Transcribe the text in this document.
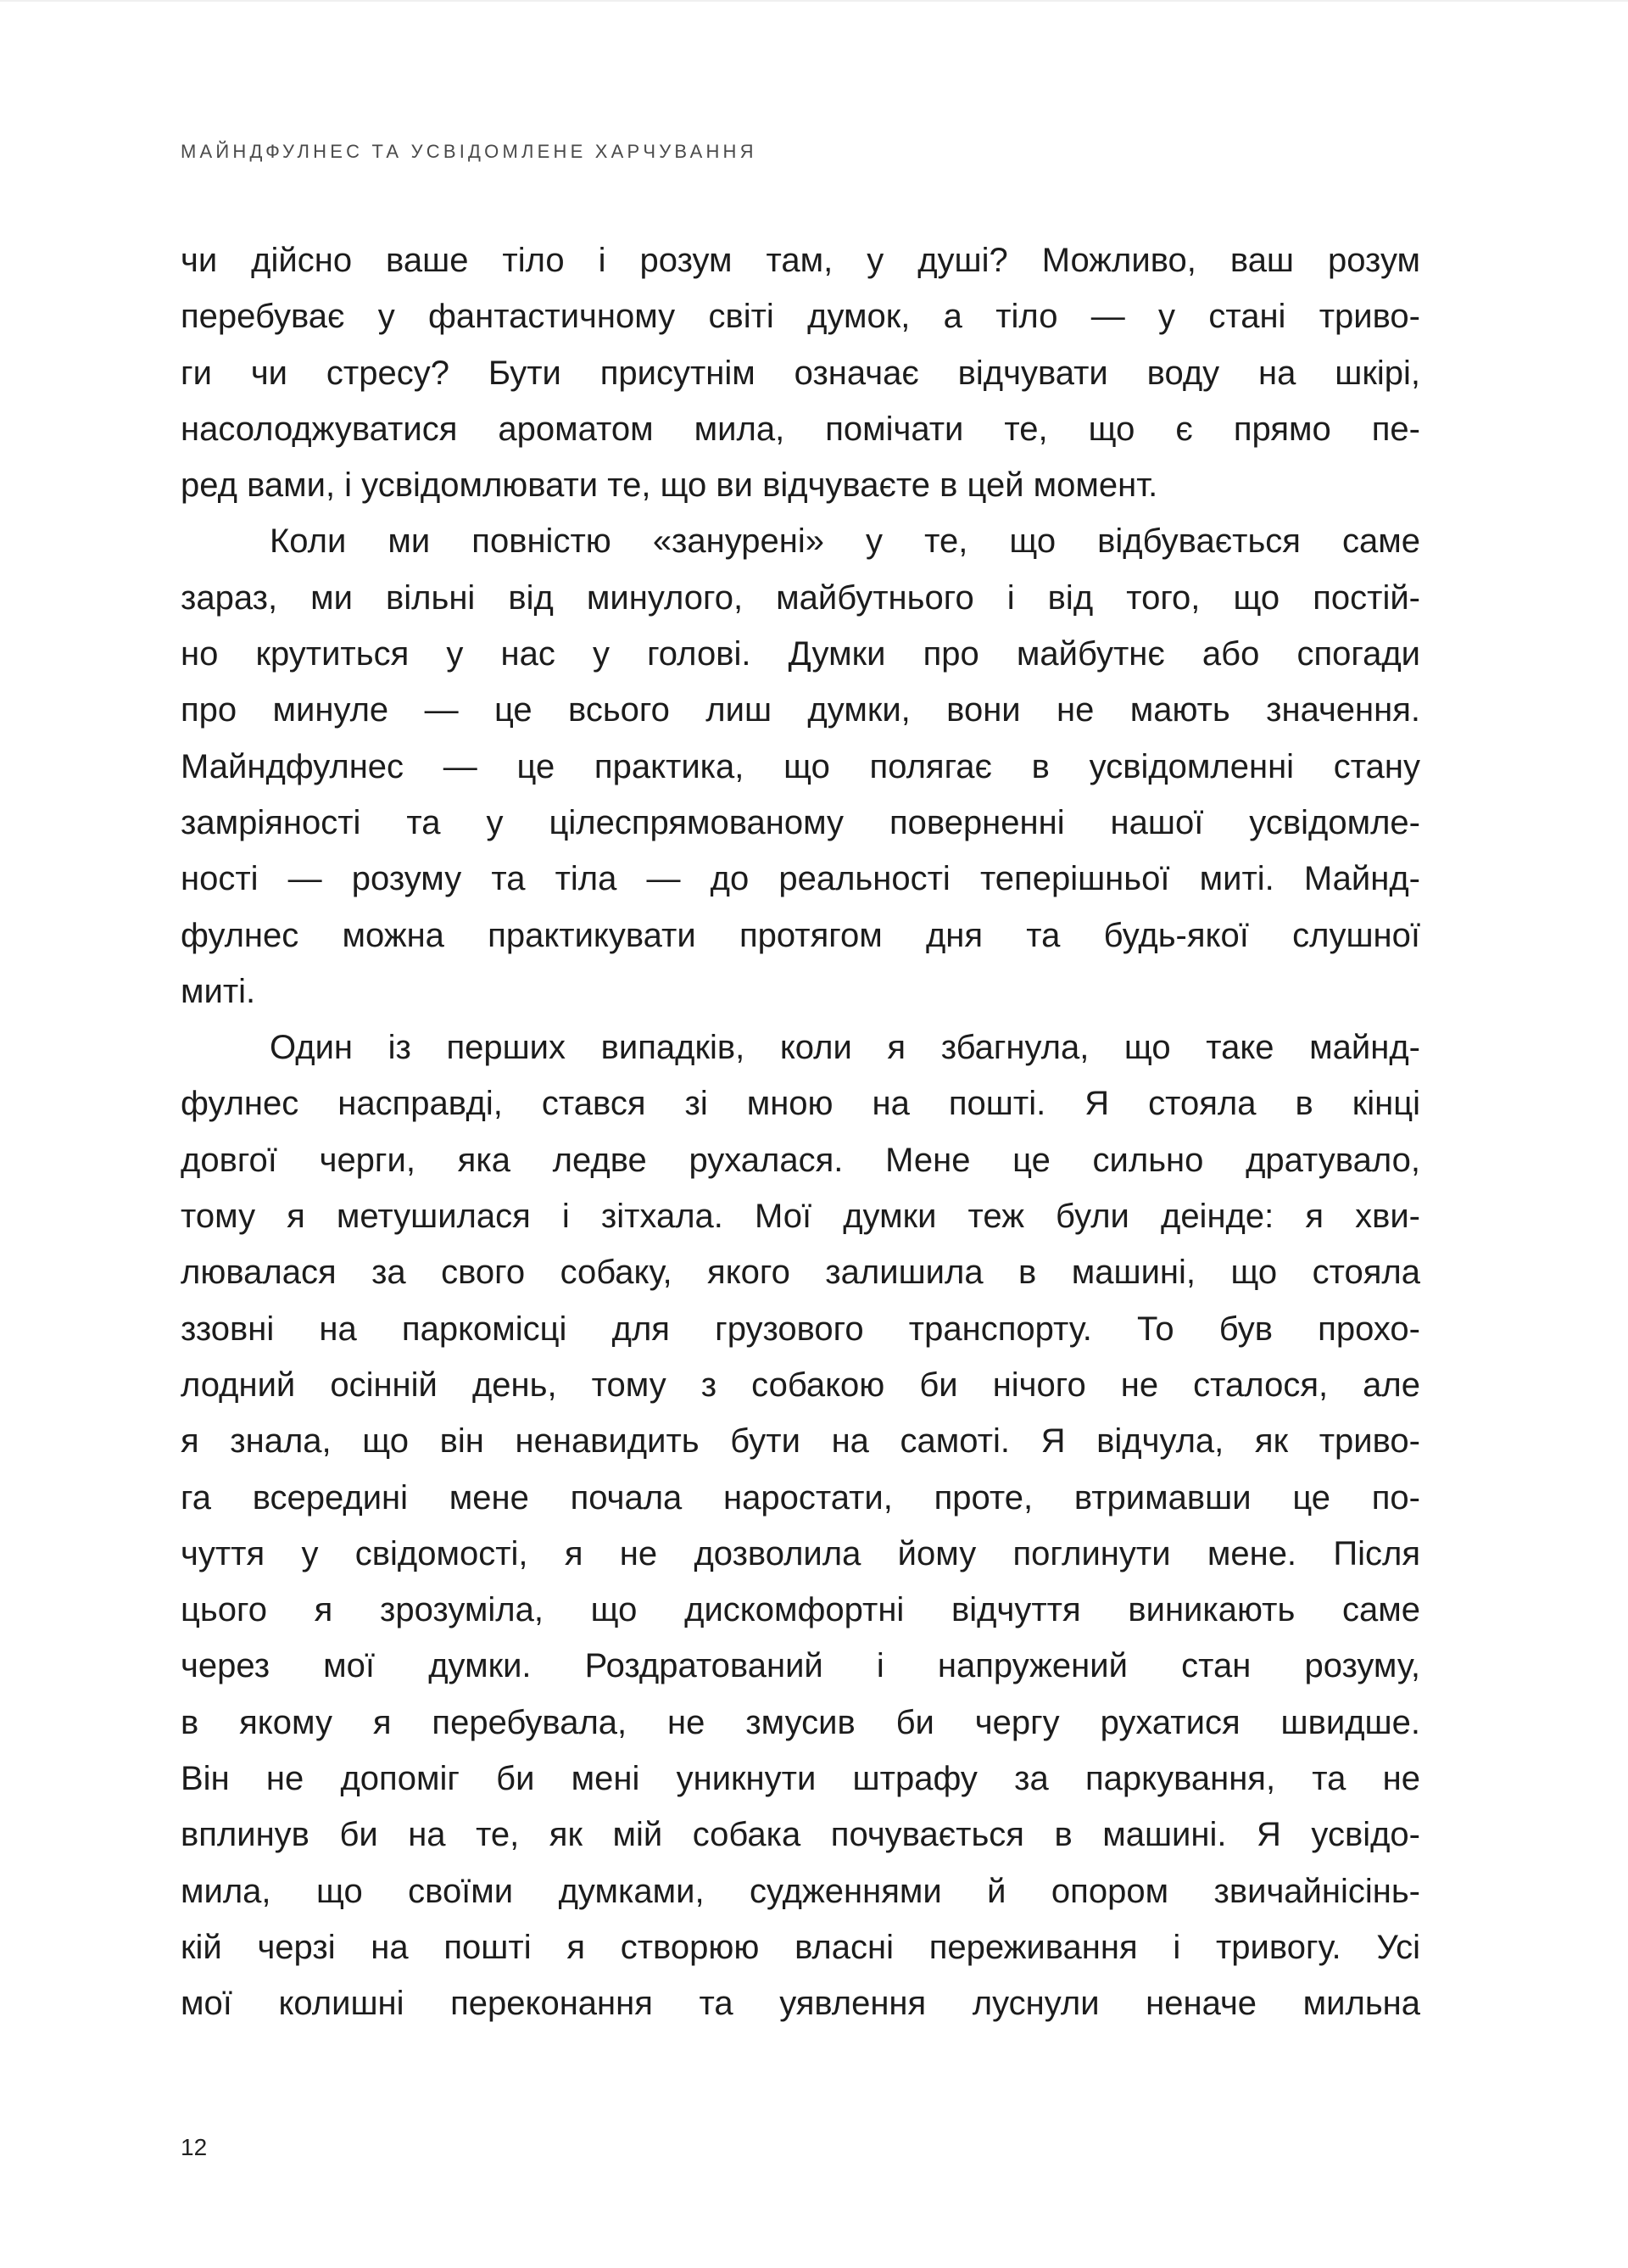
МАЙНДФУЛНЕС ТА УСВІДОМЛЕНЕ ХАРЧУВАННЯ
чи дійсно ваше тіло і розум там, у душі? Можливо, ваш розум
перебуває у фантастичному світі думок, а тіло — у стані триво-
ги чи стресу? Бути присутнім означає відчувати воду на шкірі,
насолоджуватися ароматом мила, помічати те, що є прямо пе-
ред вами, і усвідомлювати те, що ви відчуваєте в цей момент.
Коли ми повністю «занурені» у те, що відбувається саме
зараз, ми вільні від минулого, майбутнього і від того, що постій-
но крутиться у нас у голові. Думки про майбутнє або спогади
про минуле — це всього лиш думки, вони не мають значення.
Майндфулнес — це практика, що полягає в усвідомленні стану
замріяності та у цілеспрямованому поверненні нашої усвідомле-
ності — розуму та тіла — до реальності теперішньої миті. Майнд-
фулнес можна практикувати протягом дня та будь-якої слушної
миті.
Один із перших випадків, коли я збагнула, що таке майнд-
фулнес насправді, стався зі мною на пошті. Я стояла в кінці
довгої черги, яка ледве рухалася. Мене це сильно дратувало,
тому я метушилася і зітхала. Мої думки теж були деінде: я хви-
лювалася за свого собаку, якого залишила в машині, що стояла
ззовні на паркомісці для грузового транспорту. То був прохо-
лодний осінній день, тому з собакою би нічого не сталося, але
я знала, що він ненавидить бути на самоті. Я відчула, як триво-
га всередині мене почала наростати, проте, втримавши це по-
чуття у свідомості, я не дозволила йому поглинути мене. Після
цього я зрозуміла, що дискомфортні відчуття виникають саме
через мої думки. Роздратований і напружений стан розуму,
в якому я перебувала, не змусив би чергу рухатися швидше.
Він не допоміг би мені уникнути штрафу за паркування, та не
вплинув би на те, як мій собака почувається в машині. Я усвідо-
мила, що своїми думками, судженнями й опором звичайнісінь-
кій черзі на пошті я створюю власні переживання і тривогу. Усі
мої колишні переконання та уявлення луснули неначе мильна
12
